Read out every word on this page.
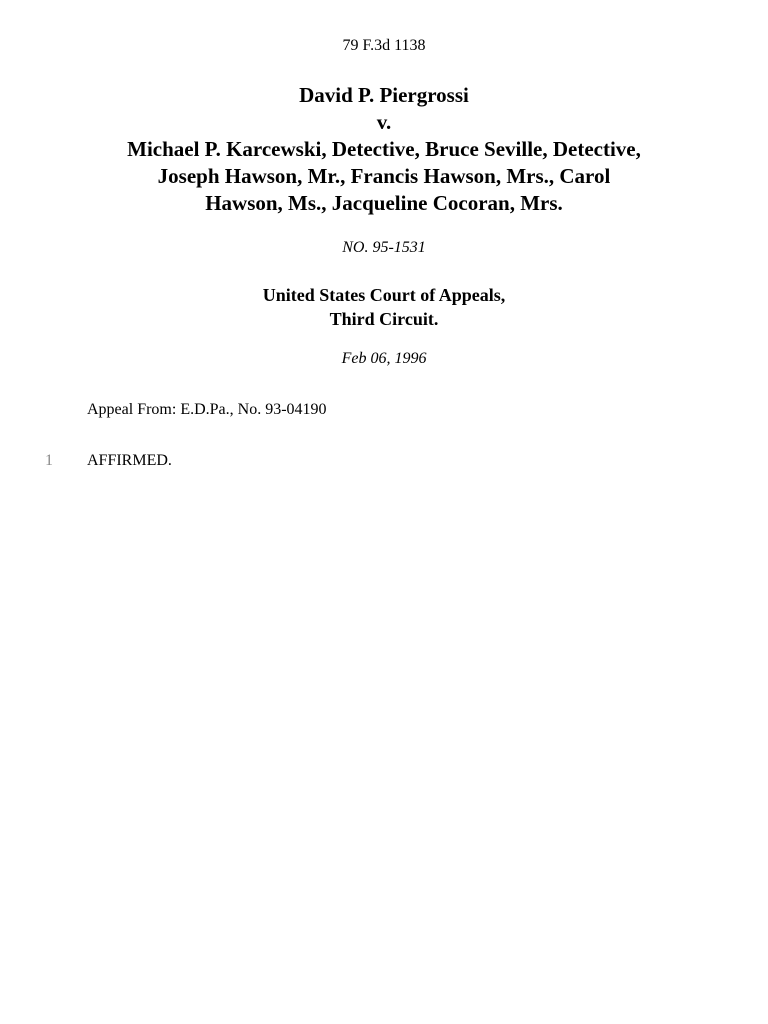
79 F.3d 1138
David P. Piergrossi
v.
Michael P. Karcewski, Detective, Bruce Seville, Detective,
Joseph Hawson, Mr., Francis Hawson, Mrs., Carol
Hawson, Ms., Jacqueline Cocoran, Mrs.
NO. 95-1531
United States Court of Appeals,
Third Circuit.
Feb 06, 1996
Appeal From: E.D.Pa., No. 93-04190
1 AFFIRMED.
